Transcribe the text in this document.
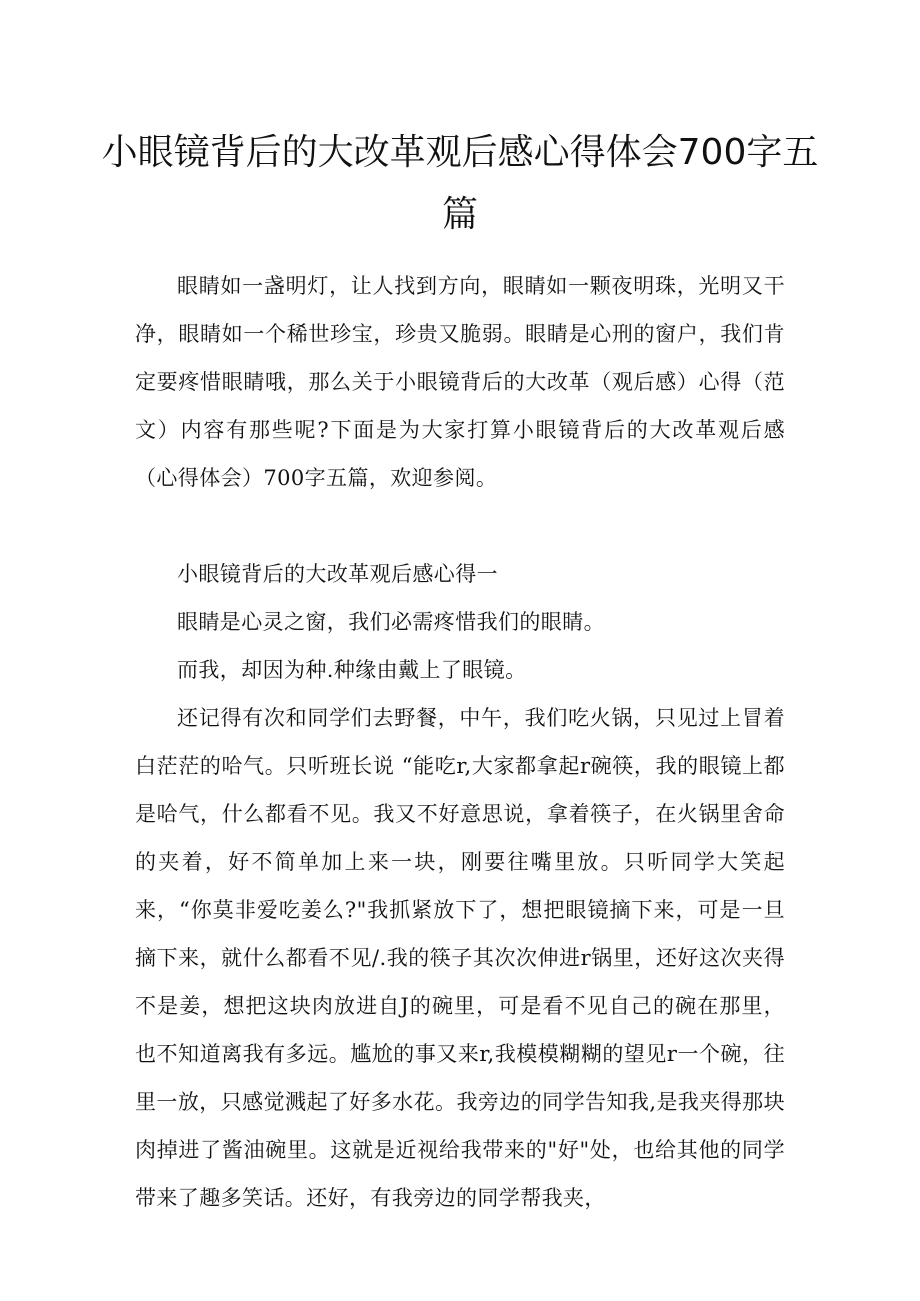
小眼镜背后的大改革观后感心得体会700字五篇

眼睛如一盏明灯，让人找到方向，眼睛如一颗夜明珠，光明又干净，眼睛如一个稀世珍宝，珍贵又脆弱。眼睛是心刑的窗户，我们肯定要疼惜眼睛哦，那么关于小眼镜背后的大改革（观后感）心得（范文）内容有那些呢?下面是为大家打算小眼镜背后的大改革观后感（心得体会）700字五篇，欢迎参阅。

小眼镜背后的大改革观后感心得一

眼睛是心灵之窗，我们必需疼惜我们的眼睛。

而我，却因为种.种缘由戴上了眼镜。

还记得有次和同学们去野餐，中午，我们吃火锅，只见过上冒着白茫茫的哈气。只听班长说 “能吃r,大家都拿起r碗筷，我的眼镜上都是哈气，什么都看不见。我又不好意思说，拿着筷子，在火锅里舍命的夹着，好不简单加上来一块，刚要往嘴里放。只听同学大笑起来，“你莫非爱吃姜么?"我抓紧放下了，想把眼镜摘下来，可是一旦摘下来，就什么都看不见/.我的筷子其次次伸进r锅里，还好这次夹得不是姜，想把这块肉放进自J的碗里，可是看不见自己的碗在那里，也不知道离我有多远。尴尬的事又来r,我模模糊糊的望见r一个碗，往里一放，只感觉溅起了好多水花。我旁边的同学告知我,是我夹得那块肉掉进了酱油碗里。这就是近视给我带来的"好"处，也给其他的同学带来了趣多笑话。还好，有我旁边的同学帮我夹，
